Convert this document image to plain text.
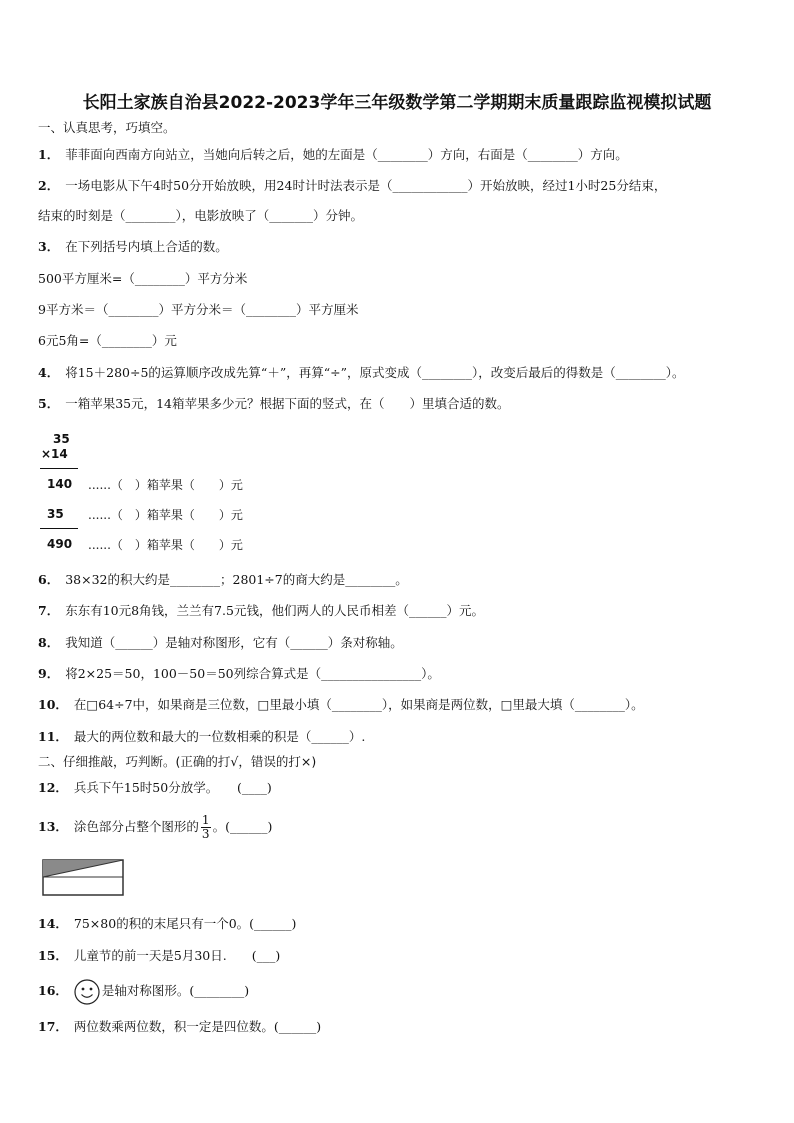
长阳土家族自治县2022-2023学年三年级数学第二学期期末质量跟踪监视模拟试题
一、认真思考，巧填空。
1． 菲菲面向西南方向站立，当她向后转之后，她的左面是（________）方向，右面是（________）方向。
2． 一场电影从下午4时50分开始放映，用24时计时法表示是（____________）开始放映，经过1小时25分结束，
结束的时刻是（________），电影放映了（_______）分钟。
3． 在下列括号内填上合适的数。
500平方厘米=（________）平方分米
9平方米＝（________）平方分米＝（________）平方厘米
6元5角=（________）元
4． 将15＋280÷5的运算顺序改成先算“＋”，再算“÷”，原式变成（________），改变后最后的得数是（________）。
5． 一箱苹果35元，14箱苹果多少元？根据下面的竖式，在（　　）里填合适的数。
35
×14
140 ......（　）箱苹果（　　）元
35 ......（　）箱苹果（　　）元
490 ......（　）箱苹果（　　）元
6． 38×32的积大约是________；2801÷7的商大约是________。
7． 东东有10元8角钱，兰兰有7.5元钱，他们两人的人民币相差（______）元。
8． 我知道（______）是轴对称图形，它有（______）条对称轴。
9． 将2×25＝50，100－50＝50列综合算式是（________________）。
10． 在□64÷7中，如果商是三位数，□里最小填（________），如果商是两位数，□里最大填（________）。
11． 最大的两位数和最大的一位数相乘的积是（______）.
二、仔细推敲，巧判断。(正确的打√，错误的打×)
12． 兵兵下午15时50分放学。　　(____)
13． 涂色部分占整个图形的 $\frac{1}{3}$ 。(______)
14． 75×80的积的末尾只有一个0。(______)
15． 儿童节的前一天是5月30日.　　(___)
16．	是轴对称图形。(________)
17． 两位数乘两位数，积一定是四位数。(______)
